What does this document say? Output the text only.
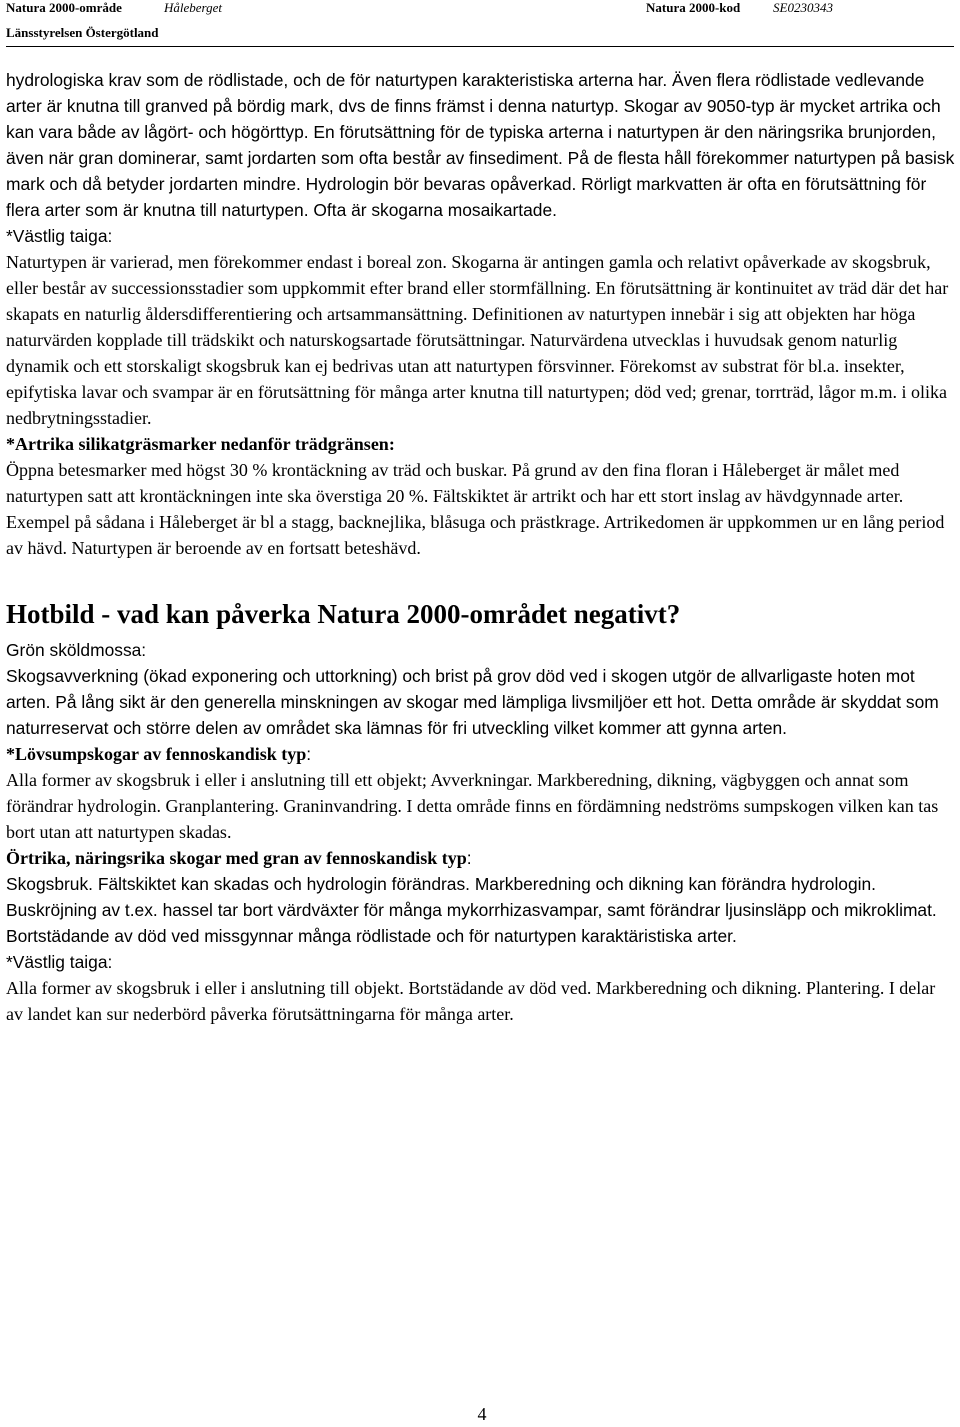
Natura 2000-område	Håleberget	Natura 2000-kod	SE0230343
Länsstyrelsen Östergötland

hydrologiska krav som de rödlistade, och de för naturtypen karakteristiska arterna har. Även flera rödlistade vedlevande arter är knutna till granved på bördig mark, dvs de finns främst i denna naturtyp. Skogar av 9050-typ är mycket artrika och kan vara både av lågört- och högörttyp. En förutsättning för de typiska arterna i naturtypen är den näringsrika brunjorden, även när gran dominerar, samt jordarten som ofta består av finsediment. På de flesta håll förekommer naturtypen på basisk mark och då betyder jordarten mindre. Hydrologin bör bevaras opåverkad. Rörligt markvatten är ofta en förutsättning för flera arter som är knutna till naturtypen. Ofta är skogarna mosaikartade.

*Västlig taiga:

Naturtypen är varierad, men förekommer endast i boreal zon. Skogarna är antingen gamla och relativt opåverkade av skogsbruk, eller består av successionsstadier som uppkommit efter brand eller stormfällning. En förutsättning är kontinuitet av träd där det har skapats en naturlig åldersdifferentiering och artsammansättning. Definitionen av naturtypen innebär i sig att objekten har höga naturvärden kopplade till trädskikt och naturskogsartade förutsättningar. Naturvärdena utvecklas i huvudsak genom naturlig dynamik och ett storskaligt skogsbruk kan ej bedrivas utan att naturtypen försvinner. Förekomst av substrat för bl.a. insekter, epifytiska lavar och svampar är en förutsättning för många arter knutna till naturtypen; död ved; grenar, torrträd, lågor m.m. i olika nedbrytningsstadier.

*Artrika silikatgräsmarker nedanför trädgränsen:

Öppna betesmarker med högst 30 % krontäckning av träd och buskar. På grund av den fina floran i Håleberget är målet med naturtypen satt att krontäckningen inte ska överstiga 20 %. Fältskiktet är artrikt och har ett stort inslag av hävdgynnade arter. Exempel på sådana i Håleberget är bl a stagg, backnejlika, blåsuga och prästkrage. Artrikedomen är uppkommen ur en lång period av hävd. Naturtypen är beroende av en fortsatt beteshävd.

Hotbild - vad kan påverka Natura 2000-området negativt?

Grön sköldmossa:

Skogsavverkning (ökad exponering och uttorkning) och brist på grov död ved i skogen utgör de allvarligaste hoten mot arten. På lång sikt är den generella minskningen av skogar med lämpliga livsmiljöer ett hot. Detta område är skyddat som naturreservat och större delen av området ska lämnas för fri utveckling vilket kommer att gynna arten.

*Lövsumpskogar av fennoskandisk typ:

Alla former av skogsbruk i eller i anslutning till ett objekt; Avverkningar. Markberedning, dikning, vägbyggen och annat som förändrar hydrologin. Granplantering. Graninvandring. I detta område finns en fördämning nedströms sumpskogen vilken kan tas bort utan att naturtypen skadas.

Örtrika, näringsrika skogar med gran av fennoskandisk typ:

Skogsbruk. Fältskiktet kan skadas och hydrologin förändras. Markberedning och dikning kan förändra hydrologin. Buskröjning av t.ex. hassel tar bort värdväxter för många mykorrhizasvampar, samt förändrar ljusinsläpp och mikroklimat. Bortstädande av död ved missgynnar många rödlistade och för naturtypen karaktäristiska arter.

*Västlig taiga:

Alla former av skogsbruk i eller i anslutning till objekt. Bortstädande av död ved. Markberedning och dikning. Plantering. I delar av landet kan sur nederbörd påverka förutsättningarna för många arter.

4
